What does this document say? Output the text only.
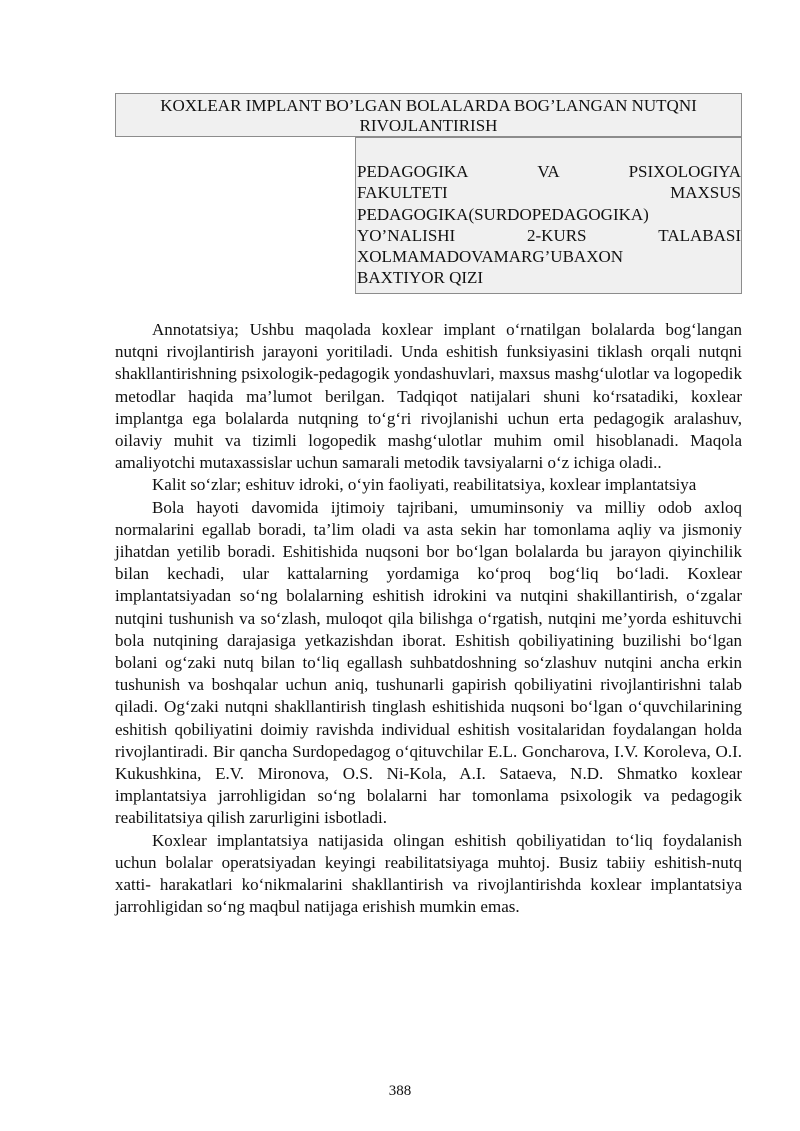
KOXLEAR IMPLANT BO’LGAN BOLALARDA BOG’LANGAN NUTQNI
RIVOJLANTIRISH
PEDAGOGIKA	VA	PSIXOLOGIYA
FAKULTETI	MAXSUS
PEDAGOGIKA(SURDOPEDAGOGIKA)
YO’NALISHI	2-KURS	TALABASI
XOLMAMADOVAMARG’UBAXON
BAXTIYOR QIZI

Annotatsiya; Ushbu maqolada koxlear implant o‘rnatilgan bolalarda bog‘langan nutqni rivojlantirish jarayoni yoritiladi. Unda eshitish funksiyasini tiklash orqali nutqni shakllantirishning psixologik-pedagogik yondashuvlari, maxsus mashg‘ulotlar va logopedik metodlar haqida ma’lumot berilgan. Tadqiqot natijalari shuni ko‘rsatadiki, koxlear implantga ega bolalarda nutqning to‘g‘ri rivojlanishi uchun erta pedagogik aralashuv, oilaviy muhit va tizimli logopedik mashg‘ulotlar muhim omil hisoblanadi. Maqola amaliyotchi mutaxassislar uchun samarali metodik tavsiyalarni o‘z ichiga oladi..

Kalit so‘zlar; eshituv idroki, o‘yin faoliyati, reabilitatsiya, koxlear implantatsiya

Bola hayoti davomida ijtimoiy tajribani, umuminsoniy va milliy odob axloq normalarini egallab boradi, ta’lim oladi va asta sekin har tomonlama aqliy va jismoniy jihatdan yetilib boradi. Eshitishida nuqsoni bor bo‘lgan bolalarda bu jarayon qiyinchilik bilan kechadi, ular kattalarning yordamiga ko‘proq bog‘liq bo‘ladi. Koxlear implantatsiyadan so‘ng bolalarning eshitish idrokini va nutqini shakillantirish, o‘zgalar nutqini tushunish va so‘zlash, muloqot qila bilishga o‘rgatish, nutqini me’yorda eshituvchi bola nutqining darajasiga yetkazishdan iborat. Eshitish qobiliyatining buzilishi bo‘lgan bolani og‘zaki nutq bilan to‘liq egallash suhbatdoshning so‘zlashuv nutqini ancha erkin tushunish va boshqalar uchun aniq, tushunarli gapirish qobiliyatini rivojlantirishni talab qiladi. Og‘zaki nutqni shakllantirish tinglash eshitishida nuqsoni bo‘lgan o‘quvchilarining eshitish qobiliyatini doimiy ravishda individual eshitish vositalaridan foydalangan holda rivojlantiradi. Bir qancha Surdopedagog o‘qituvchilar E.L. Goncharova, I.V. Koroleva, O.I. Kukushkina, E.V. Mironova, O.S. Ni-Kola, A.I. Sataeva, N.D. Shmatko koxlear implantatsiya jarrohligidan so‘ng bolalarni har tomonlama psixologik va pedagogik reabilitatsiya qilish zarurligini isbotladi.

Koxlear implantatsiya natijasida olingan eshitish qobiliyatidan to‘liq foydalanish uchun bolalar operatsiyadan keyingi reabilitatsiyaga muhtoj. Busiz tabiiy eshitish-nutq xatti- harakatlari ko‘nikmalarini shakllantirish va rivojlantirishda koxlear implantatsiya jarrohligidan so‘ng maqbul natijaga erishish mumkin emas.

388
